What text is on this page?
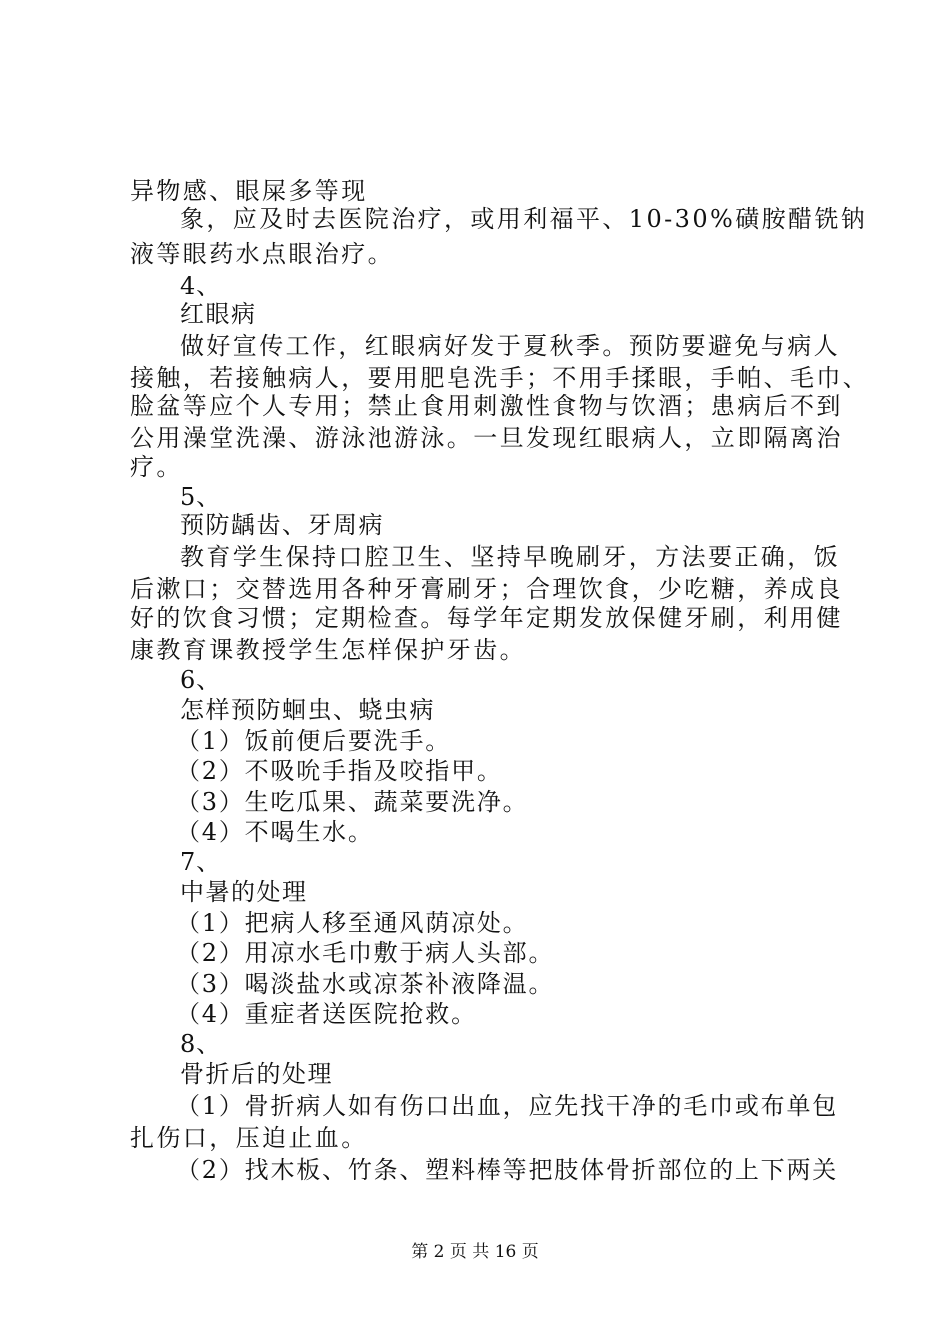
异物感、眼屎多等现
象，应及时去医院治疗，或用利福平、10-30%磺胺醋铣钠
液等眼药水点眼治疗。
4、
红眼病
做好宣传工作，红眼病好发于夏秋季。预防要避免与病人
接触，若接触病人，要用肥皂洗手；不用手揉眼，手帕、毛巾、
脸盆等应个人专用；禁止食用刺激性食物与饮酒；患病后不到
公用澡堂洗澡、游泳池游泳。一旦发现红眼病人，立即隔离治
疗。
5、
预防龋齿、牙周病
教育学生保持口腔卫生、坚持早晚刷牙，方法要正确，饭
后漱口；交替选用各种牙膏刷牙；合理饮食，少吃糖，养成良
好的饮食习惯；定期检查。每学年定期发放保健牙刷，利用健
康教育课教授学生怎样保护牙齿。
6、
怎样预防蛔虫、蛲虫病
（1）饭前便后要洗手。
（2）不吸吮手指及咬指甲。
（3）生吃瓜果、蔬菜要洗净。
（4）不喝生水。
7、
中暑的处理
（1）把病人移至通风荫凉处。
（2）用凉水毛巾敷于病人头部。
（3）喝淡盐水或凉茶补液降温。
（4）重症者送医院抢救。
8、
骨折后的处理
（1）骨折病人如有伤口出血，应先找干净的毛巾或布单包
扎伤口，压迫止血。
（2）找木板、竹条、塑料棒等把肢体骨折部位的上下两关
第 2 页 共 16 页
